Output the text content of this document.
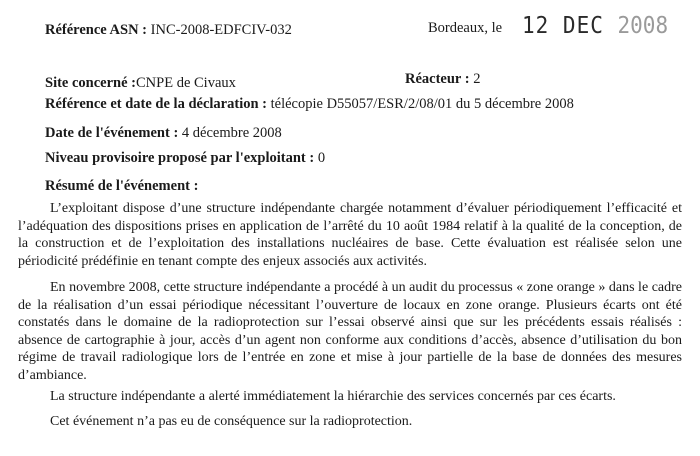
Référence ASN : INC-2008-EDFCIV-032	Bordeaux, le 12 DEC 2008
Site concerné :CNPE de Civaux	Réacteur : 2
Référence et date de la déclaration : télécopie D55057/ESR/2/08/01 du 5 décembre 2008
Date de l'événement : 4 décembre 2008
Niveau provisoire proposé par l'exploitant : 0
Résumé de l'événement :

L’exploitant dispose d’une structure indépendante chargée notamment d’évaluer périodiquement l’efficacité et l’adéquation des dispositions prises en application de l’arrêté du 10 août 1984 relatif à la qualité de la conception, de la construction et de l’exploitation des installations nucléaires de base. Cette évaluation est réalisée selon une périodicité prédéfinie en tenant compte des enjeux associés aux activités.

En novembre 2008, cette structure indépendante a procédé à un audit du processus « zone orange » dans le cadre de la réalisation d’un essai périodique nécessitant l’ouverture de locaux en zone orange. Plusieurs écarts ont été constatés dans le domaine de la radioprotection sur l’essai observé ainsi que sur les précédents essais réalisés : absence de cartographie à jour, accès d’un agent non conforme aux conditions d’accès, absence d’utilisation du bon régime de travail radiologique lors de l’entrée en zone et mise à jour partielle de la base de données des mesures d’ambiance.

La structure indépendante a alerté immédiatement la hiérarchie des services concernés par ces écarts.

Cet événement n’a pas eu de conséquence sur la radioprotection.
